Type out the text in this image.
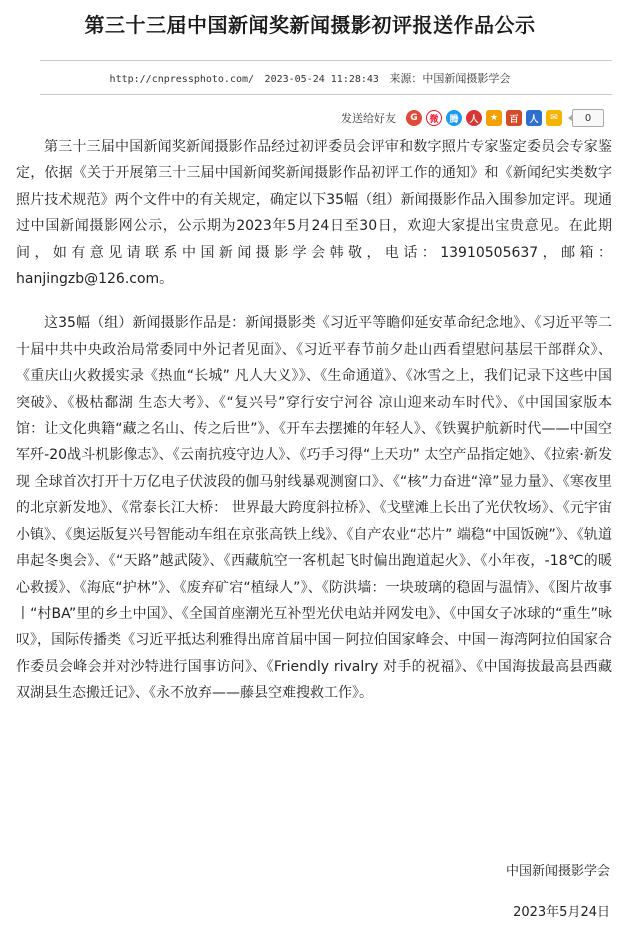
第三十三届中国新闻奖新闻摄影初评报送作品公示
http://cnpressphoto.com/ 2023-05-24 11:28:43 来源：中国新闻摄影学会
发送给好友	G	微	腾	人	★	百	人	✉	0

第三十三届中国新闻奖新闻摄影作品经过初评委员会评审和数字照片专家鉴定委员会专家鉴定，依据《关于开展第三十三届中国新闻奖新闻摄影作品初评工作的通知》和《新闻纪实类数字照片技术规范》两个文件中的有关规定，确定以下35幅（组）新闻摄影作品入围参加定评。现通过中国新闻摄影网公示，公示期为2023年5月24日至30日，欢迎大家提出宝贵意见。在此期间，如有意见请联系中国新闻摄影学会韩敬，电话：13910505637，邮箱：hanjingzb@126.com。

这35幅（组）新闻摄影作品是：新闻摄影类《习近平等瞻仰延安革命纪念地》、《习近平等二十届中共中央政治局常委同中外记者见面》、《习近平春节前夕赴山西看望慰问基层干部群众》、《重庆山火救援实录《热血“长城” 凡人大义》》、《生命通道》、《冰雪之上，我们记录下这些中国突破》、《极枯鄱湖 生态大考》、《“复兴号”穿行安宁河谷 凉山迎来动车时代》、《中国国家版本馆：让文化典籍“藏之名山、传之后世”》、《开车去摆摊的年轻人》、《铁翼护航新时代——中国空军歼-20战斗机影像志》、《云南抗疫守边人》、《巧手习得“上天功” 太空产品指定她》、《拉索·新发现 全球首次打开十万亿电子伏波段的伽马射线暴观测窗口》、《“核”力奋进“漳”显力量》、《寒夜里的北京新发地》、《常泰长江大桥： 世界最大跨度斜拉桥》、《戈壁滩上长出了光伏牧场》、《元宇宙小镇》、《奥运版复兴号智能动车组在京张高铁上线》、《自产农业“芯片” 端稳“中国饭碗”》、《轨道串起冬奥会》、《“天路”越武陵》、《西藏航空一客机起飞时偏出跑道起火》、《小年夜，-18℃的暖心救援》、《海底“护林”》、《废弃矿宕“植绿人”》、《防洪墙：一块玻璃的稳固与温情》、《图片故事丨“村BA”里的乡土中国》、《全国首座潮光互补型光伏电站并网发电》、《中国女子冰球的“重生”咏叹》，国际传播类《习近平抵达利雅得出席首届中国－阿拉伯国家峰会、中国－海湾阿拉伯国家合作委员会峰会并对沙特进行国事访问》、《Friendly rivalry 对手的祝福》、《中国海拔最高县西藏双湖县生态搬迁记》、《永不放弃——藤县空难搜救工作》。

中国新闻摄影学会
2023年5月24日
